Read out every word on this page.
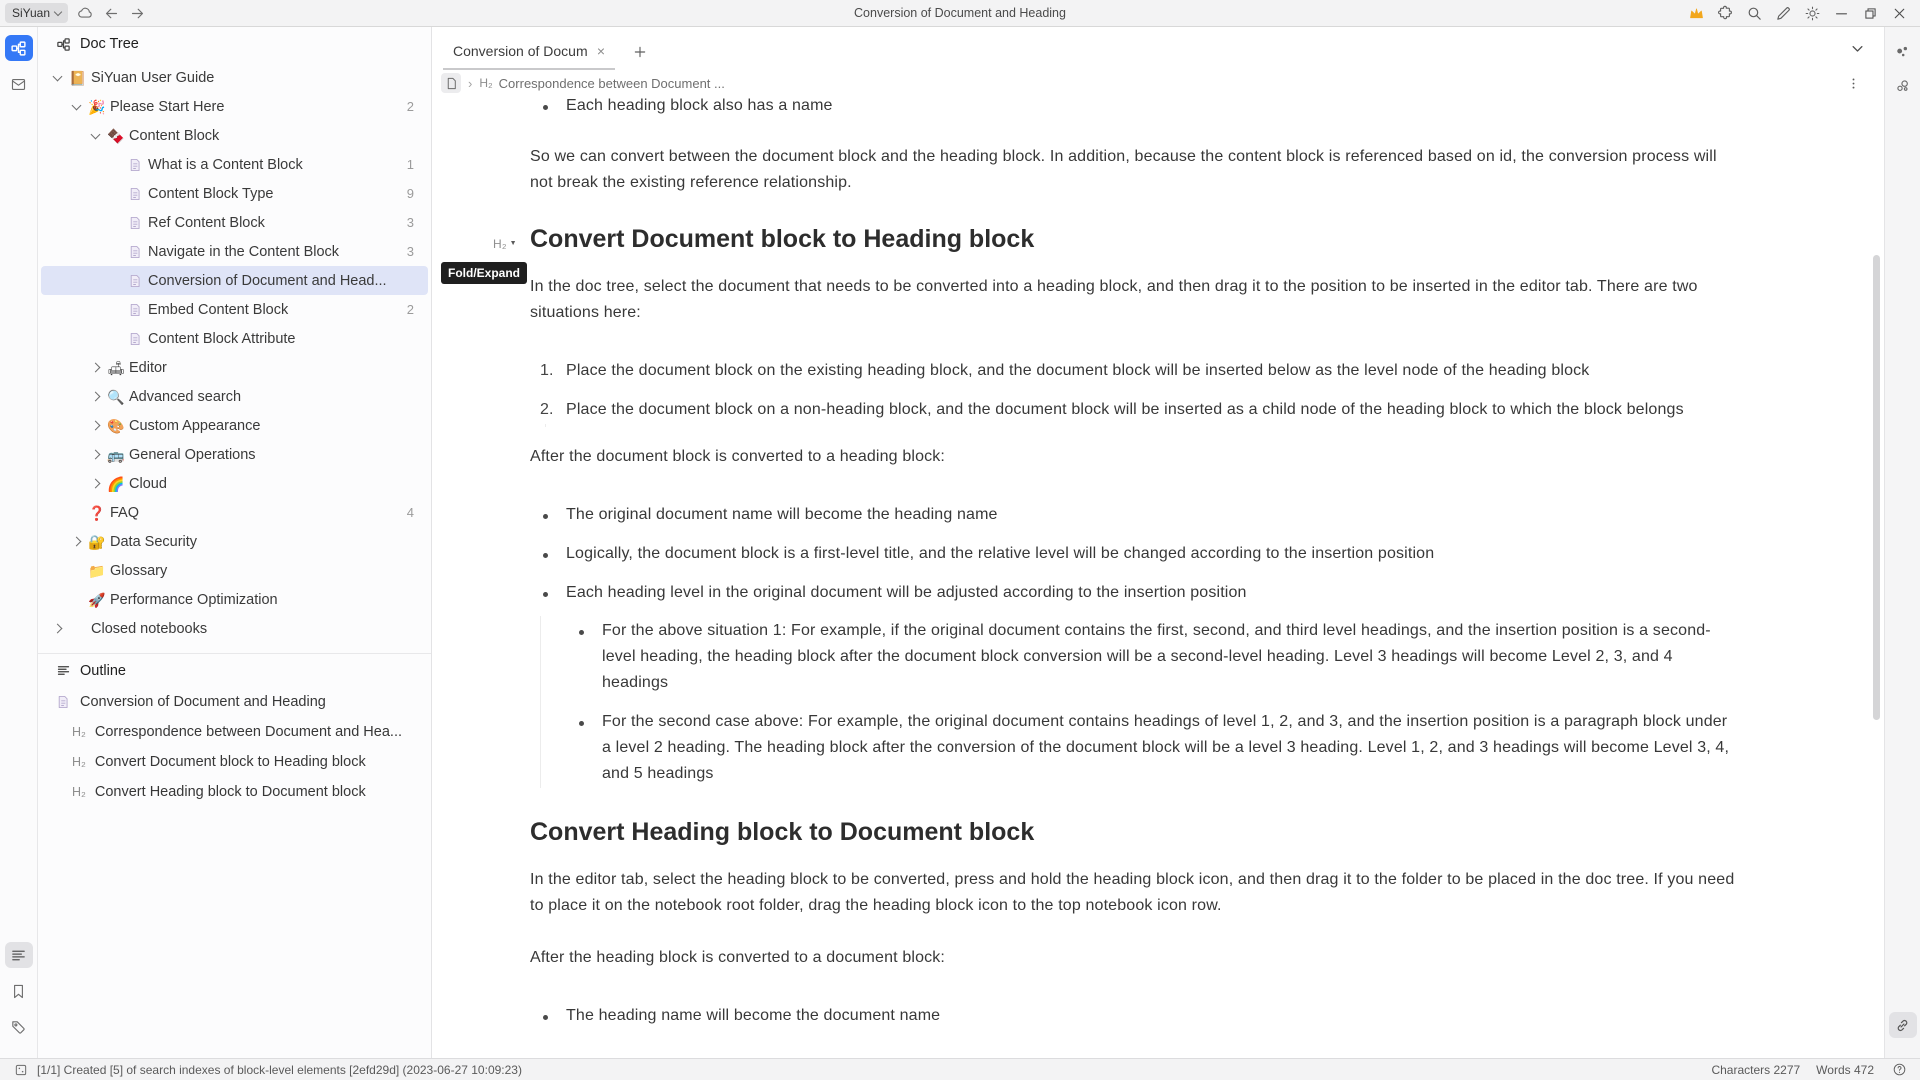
SiYuan	Conversion of Document and Heading
Doc Tree
📔 SiYuan User Guide
🎉 Please Start Here	2
🍫 Content Block
What is a Content Block	1
Content Block Type	9
Ref Content Block	3
Navigate in the Content Block	3
Conversion of Document and Head...
Embed Content Block	2
Content Block Attribute
🛋 Editor
🔍 Advanced search
🎨 Custom Appearance
🚌 General Operations
🌈 Cloud
❓ FAQ	4
🔐 Data Security
📁 Glossary
🚀 Performance Optimization
Closed notebooks
Outline
Conversion of Document and Heading
H₂ Correspondence between Document and Hea...
H₂ Convert Document block to Heading block
H₂ Convert Heading block to Document block
Conversion of Docum ×
› H₂ Correspondence between Document ...
Each heading block also has a name
So we can convert between the document block and the heading block. In addition, because the content block is referenced based on id, the conversion process will not break the existing reference relationship.
H₂ ▼ Convert Document block to Heading block
In the doc tree, select the document that needs to be converted into a heading block, and then drag it to the position to be inserted in the editor tab. There are two situations here:
1. Place the document block on the existing heading block, and the document block will be inserted below as the level node of the heading block
2. Place the document block on a non-heading block, and the document block will be inserted as a child node of the heading block to which the block belongs
After the document block is converted to a heading block:
The original document name will become the heading name
Logically, the document block is a first-level title, and the relative level will be changed according to the insertion position
Each heading level in the original document will be adjusted according to the insertion position
For the above situation 1: For example, if the original document contains the first, second, and third level headings, and the insertion position is a second-level heading, the heading block after the document block conversion will be a second-level heading. Level 3 headings will become Level 2, 3, and 4 headings
For the second case above: For example, the original document contains headings of level 1, 2, and 3, and the insertion position is a paragraph block under a level 2 heading. The heading block after the conversion of the document block will be a level 3 heading. Level 1, 2, and 3 headings will become Level 3, 4, and 5 headings
Convert Heading block to Document block
In the editor tab, select the heading block to be converted, press and hold the heading block icon, and then drag it to the folder to be placed in the doc tree. If you need to place it on the notebook root folder, drag the heading block icon to the top notebook icon row.
After the heading block is converted to a document block:
The heading name will become the document name
Fold/Expand
[1/1] Created [5] of search indexes of block-level elements [2efd29d] (2023-06-27 10:09:23)	Characters 2277 Words 472
